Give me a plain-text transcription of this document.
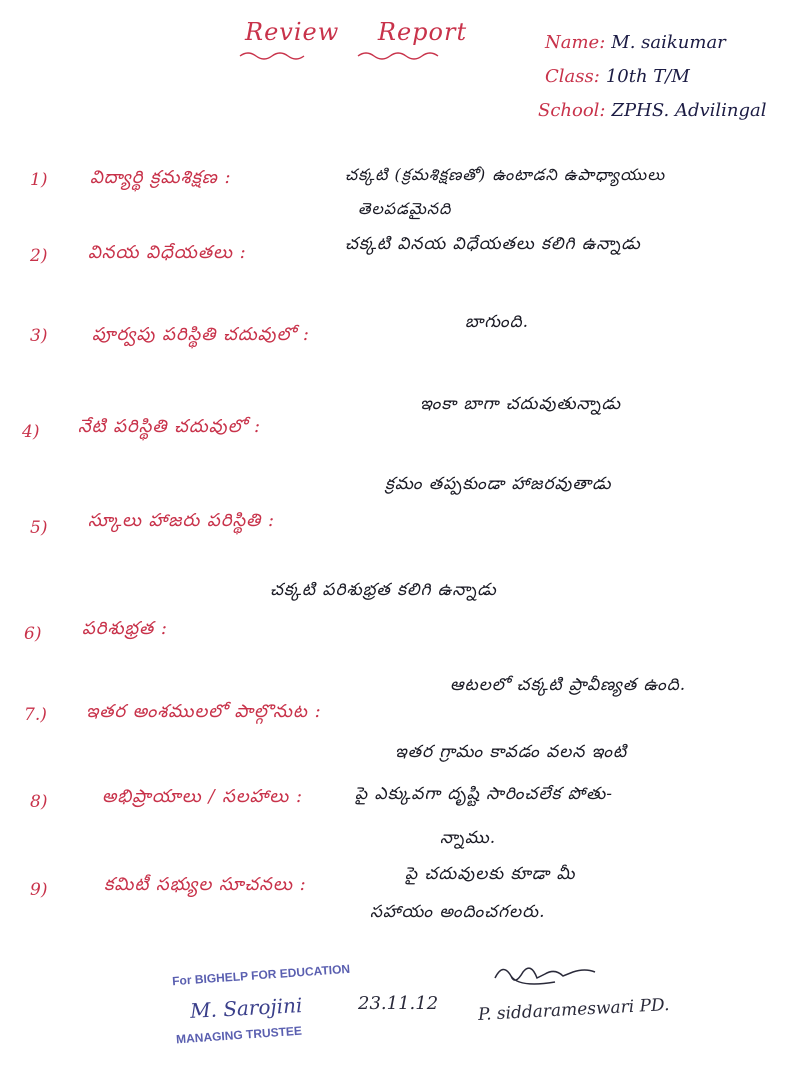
Review Report	Name: M. saikumar
Class: 10th T/M
School: ZPHS. Advilingal
1) విద్యార్థి క్రమశిక్షణ :	చక్కటి (క్రమశిక్షణతో) ఉంటాడని ఉపాధ్యాయులు
తెలపడమైనది
2) వినయ విధేయతలు :	చక్కటి వినయ విధేయతలు కలిగి ఉన్నాడు
3) పూర్వపు పరిస్థితి చదువులో :
బాగుంది.
4) నేటి పరిస్థితి చదువులో :
ఇంకా బాగా చదువుతున్నాడు
5) స్కూలు హాజరు పరిస్థితి :
క్రమం తప్పకుండా హాజరవుతాడు
6) పరిశుభ్రత :
చక్కటి పరిశుభ్రత కలిగి ఉన్నాడు
7.) ఇతర అంశములలో పాల్గొనుట :
ఆటలలో చక్కటి ప్రావీణ్యత ఉంది.
8)	అభిప్రాయాలు / సలహాలు :
ఇతర గ్రామం కావడం వలన ఇంటి
పై ఎక్కువగా దృష్టి సారించలేక పోతు-
న్నాము.
9)	కమిటీ సభ్యుల సూచనలు :	పై చదువులకు కూడా మీ
సహాయం అందించగలరు.
For BIGHELP FOR EDUCATION
M. Sarojini
MANAGING TRUSTEE
23.11.12 P. siddarameswari PD.
